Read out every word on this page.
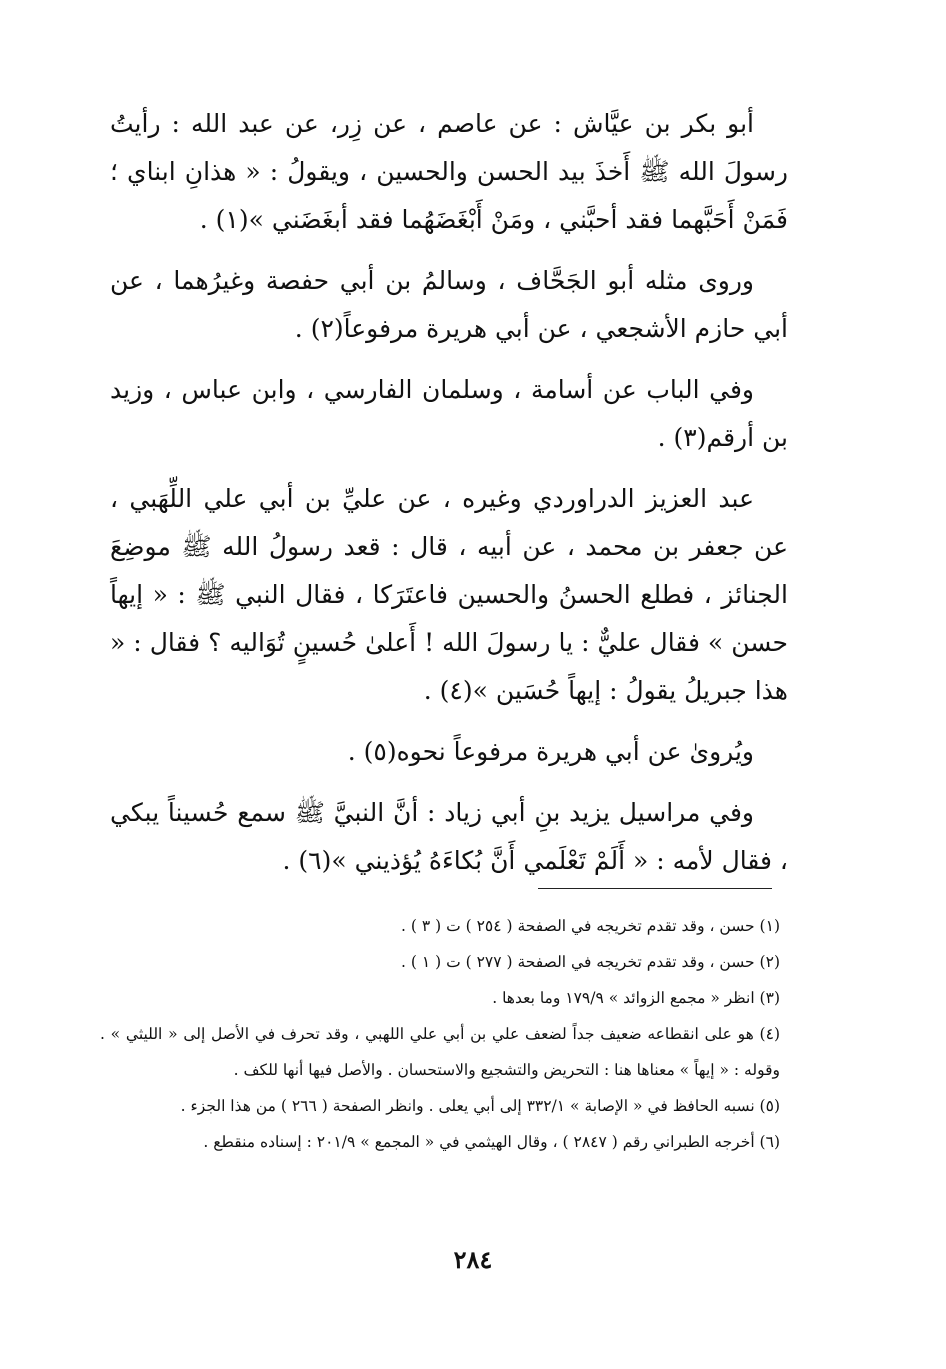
أبو بكر بن عيَّاش : عن عاصم ، عن زِر، عن عبد الله : رأيتُ رسولَ الله ﷺ أَخذَ بيد الحسن والحسين ، ويقولُ : « هذانِ ابناي ؛ فَمَنْ أَحَبَّهما فقد أحبَّني ، ومَنْ أَبْغَضَهُما فقد أبغَضَني »(١) .

وروى مثله أبو الجَحَّاف ، وسالمُ بن أبي حفصة وغيرُهما ، عن أبي حازم الأشجعي ، عن أبي هريرة مرفوعاً(٢) .

وفي الباب عن أسامة ، وسلمان الفارسي ، وابن عباس ، وزيد بن أرقم(٣) .

عبد العزيز الدراوردي وغيره ، عن عليِّ بن أبي علي اللِّهَبي ، عن جعفر بن محمد ، عن أبيه ، قال : قعد رسولُ الله ﷺ موضِعَ الجنائز ، فطلع الحسنُ والحسين فاعتَرَكا ، فقال النبي ﷺ : « إيهاً حسن » فقال عليٌّ : يا رسولَ الله ! أَعلىٰ حُسينٍ تُوَاليه ؟ فقال : « هذا جبريلُ يقولُ : إيهاً حُسَين »(٤) .

ويُروىٰ عن أبي هريرة مرفوعاً نحوه(٥) .

وفي مراسيل يزيد بنِ أبي زياد : أنَّ النبيَّ ﷺ سمع حُسيناً يبكي ، فقال لأمه : « أَلَمْ تَعْلَمي أَنَّ بُكاءَهُ يُؤذيني »(٦) .

(١) حسن ، وقد تقدم تخريجه في الصفحة ( ٢٥٤ ) ت ( ٣ ) .

(٢) حسن ، وقد تقدم تخريجه في الصفحة ( ٢٧٧ ) ت ( ١ ) .

(٣) انظر « مجمع الزوائد » ١٧٩/٩ وما بعدها .

(٤) هو على انقطاعه ضعيف جداً لضعف علي بن أبي علي اللهبي ، وقد تحرف في الأصل إلى « الليثي » . وقوله : « إيهاً » معناها هنا : التحريض والتشجيع والاستحسان . والأصل فيها أنها للكف .

(٥) نسبه الحافظ في « الإصابة » ٣٣٢/١ إلى أبي يعلى . وانظر الصفحة ( ٢٦٦ ) من هذا الجزء .

(٦) أخرجه الطبراني رقم ( ٢٨٤٧ ) ، وقال الهيثمي في « المجمع » ٢٠١/٩ : إسناده منقطع .

٢٨٤
